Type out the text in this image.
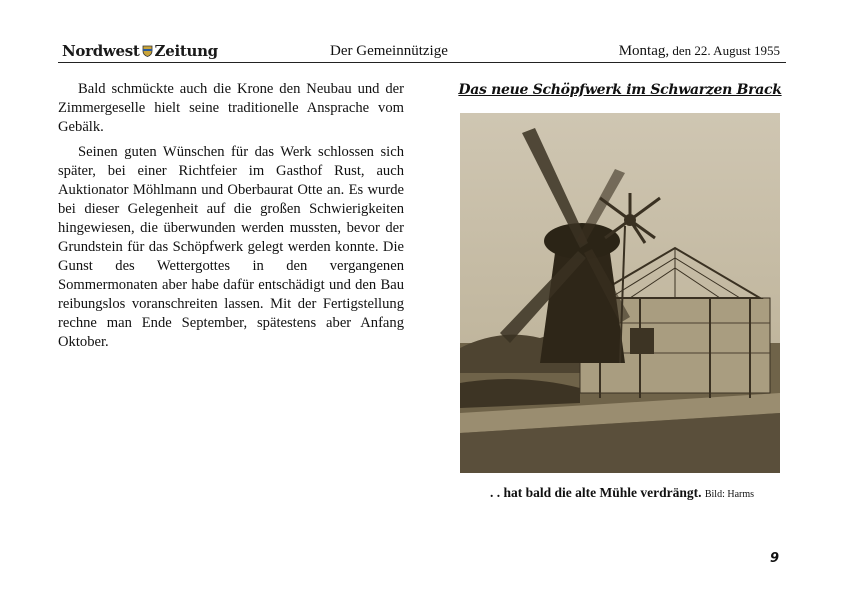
Nordwest Zeitung	Der Gemeinnützige	Montag, den 22. August 1955

Bald schmückte auch die Krone den Neubau und der Zimmergeselle hielt seine traditionelle Ansprache vom Gebälk.

Seinen guten Wünschen für das Werk schlossen sich später, bei einer Richtfeier im Gasthof Rust, auch Auktionator Möhlmann und Oberbaurat Otte an. Es wurde bei dieser Gelegenheit auf die großen Schwierigkeiten hingewiesen, die überwunden werden mussten, bevor der Grundstein für das Schöpfwerk gelegt werden konnte. Die Gunst des Wettergottes in den vergangenen Sommermonaten aber habe dafür entschädigt und den Bau reibungslos voranschreiten lassen. Mit der Fertigstellung rechne man Ende September, spätestens aber Anfang Oktober.

Das neue Schöpfwerk im Schwarzen Brack
. . hat bald die alte Mühle verdrängt. Bild: Harms
9
